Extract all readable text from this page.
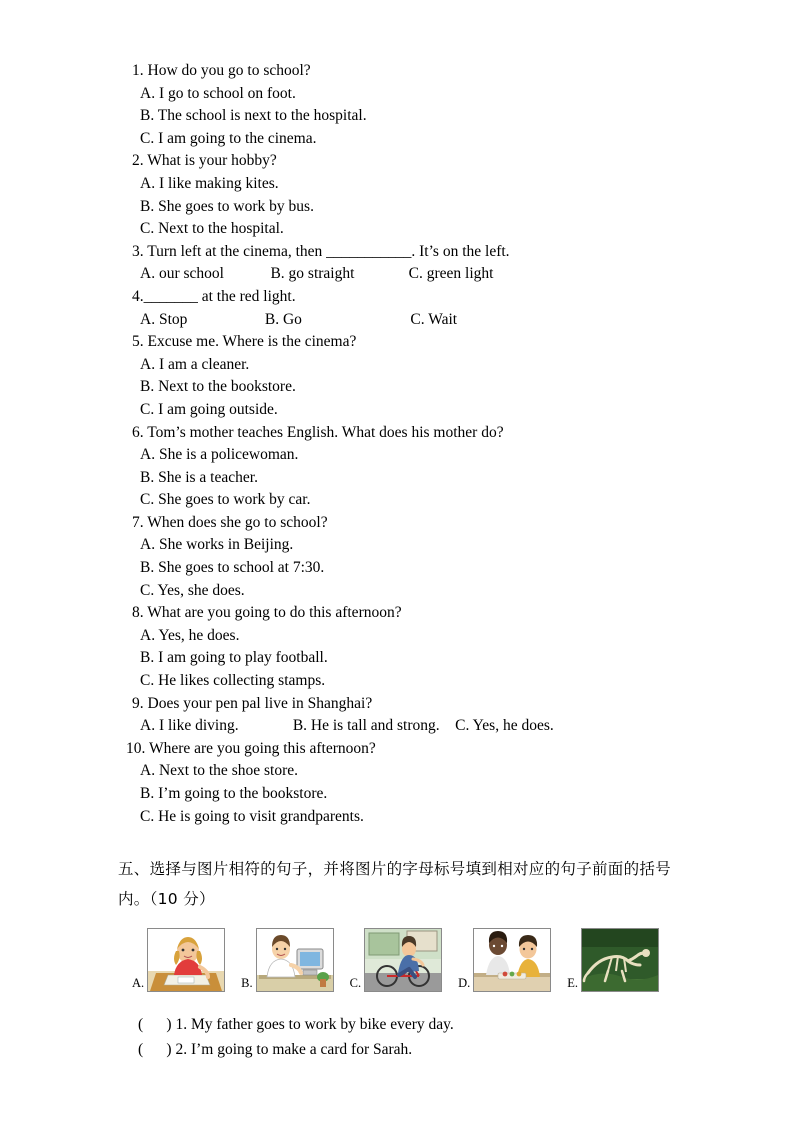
1. How do you go to school?
A. I go to school on foot.
B. The school is next to the hospital.
C. I am going to the cinema.
2. What is your hobby?
A. I like making kites.
B. She goes to work by bus.
C. Next to the hospital.
3. Turn left at the cinema, then ___________. It’s on the left.
A. our school            B. go straight              C. green light
4._______ at the red light.
A. Stop                    B. Go                            C. Wait
5. Excuse me. Where is the cinema?
A. I am a cleaner.
B. Next to the bookstore.
C. I am going outside.
6. Tom’s mother teaches English. What does his mother do?
A. She is a policewoman.
B. She is a teacher.
C. She goes to work by car.
7. When does she go to school?
A. She works in Beijing.
B. She goes to school at 7:30.
C. Yes, she does.
8. What are you going to do this afternoon?
A. Yes, he does.
B. I am going to play football.
C. He likes collecting stamps.
9. Does your pen pal live in Shanghai?
A. I like diving.              B. He is tall and strong.    C. Yes, he does.
10. Where are you going this afternoon?
A. Next to the shoe store.
B. I’m going to the bookstore.
C. He is going to visit grandparents.
五、选择与图片相符的句子，并将图片的字母标号填到相对应的句子前面的括号内。（10 分）
A.	B.	C.	D.	E.
(      ) 1. My father goes to work by bike every day.
(      ) 2. I’m going to make a card for Sarah.
